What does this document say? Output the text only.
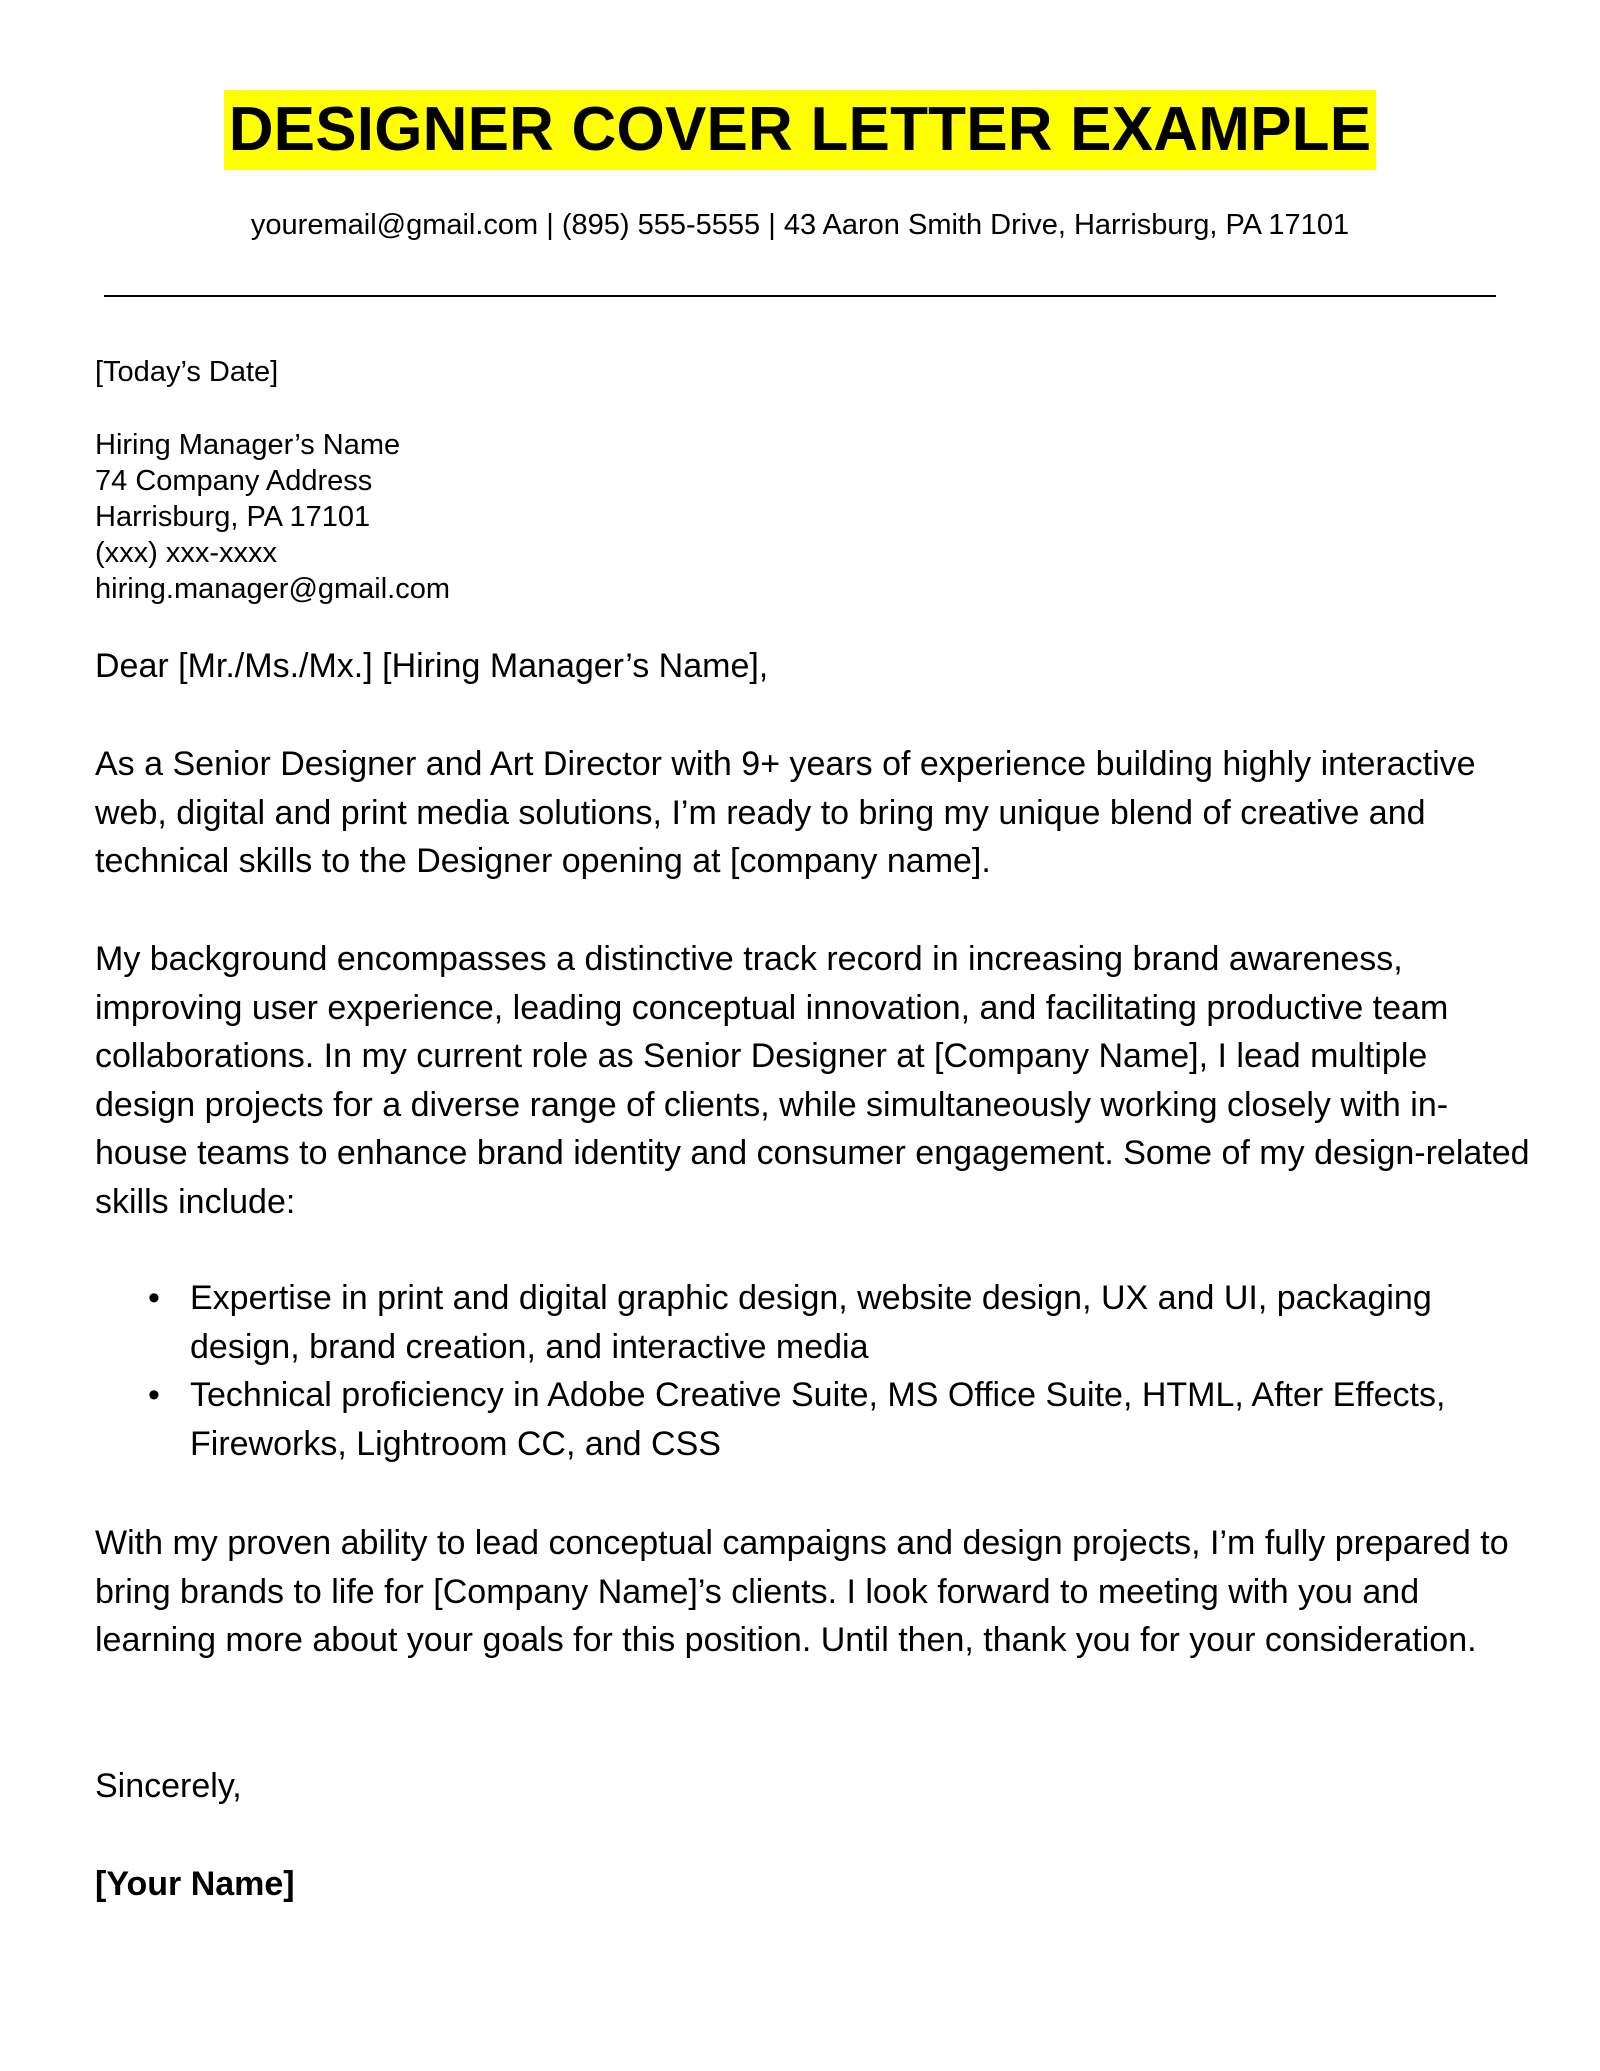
DESIGNER COVER LETTER EXAMPLE
youremail@gmail.com | (895) 555-5555 | 43 Aaron Smith Drive, Harrisburg, PA 17101
[Today’s Date]
Hiring Manager’s Name
74 Company Address
Harrisburg, PA 17101
(xxx) xxx-xxxx
hiring.manager@gmail.com
Dear [Mr./Ms./Mx.] [Hiring Manager’s Name],
As a Senior Designer and Art Director with 9+ years of experience building highly interactive web, digital and print media solutions, I’m ready to bring my unique blend of creative and technical skills to the Designer opening at [company name].
My background encompasses a distinctive track record in increasing brand awareness, improving user experience, leading conceptual innovation, and facilitating productive team collaborations. In my current role as Senior Designer at [Company Name], I lead multiple design projects for a diverse range of clients, while simultaneously working closely with in-house teams to enhance brand identity and consumer engagement. Some of my design-related skills include:
• Expertise in print and digital graphic design, website design, UX and UI, packaging design, brand creation, and interactive media
• Technical proficiency in Adobe Creative Suite, MS Office Suite, HTML, After Effects, Fireworks, Lightroom CC, and CSS
With my proven ability to lead conceptual campaigns and design projects, I’m fully prepared to bring brands to life for [Company Name]’s clients. I look forward to meeting with you and learning more about your goals for this position. Until then, thank you for your consideration.
Sincerely,
[Your Name]
